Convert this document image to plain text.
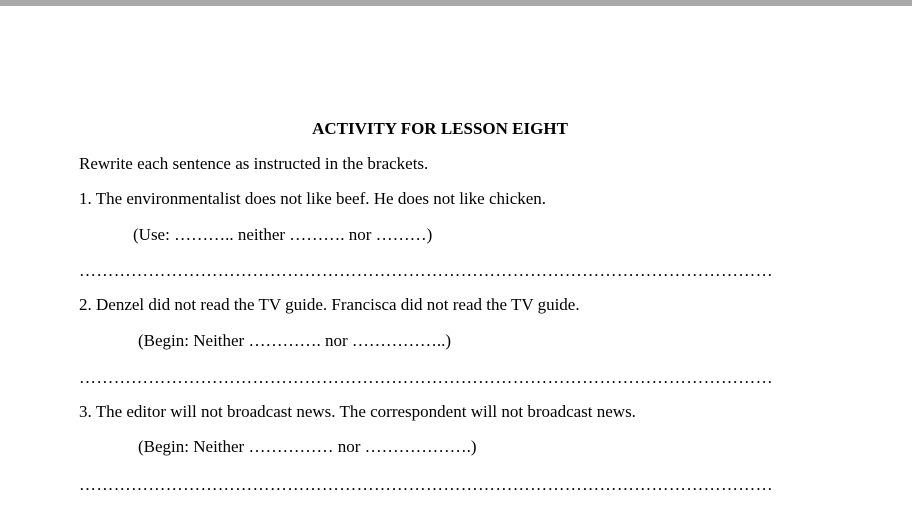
ACTIVITY FOR LESSON EIGHT
Rewrite each sentence as instructed in the brackets.
1. The environmentalist does not like beef. He does not like chicken.
(Use: ……….. neither ………. nor ………)
…………………………………………………………………………………………………………
2. Denzel did not read the TV guide. Francisca did not read the TV guide.
(Begin: Neither …………. nor ……………..)
…………………………………………………………………………………………………………
3. The editor will not broadcast news. The correspondent will not broadcast news.
(Begin: Neither …………… nor ……………….)
…………………………………………………………………………………………………………
